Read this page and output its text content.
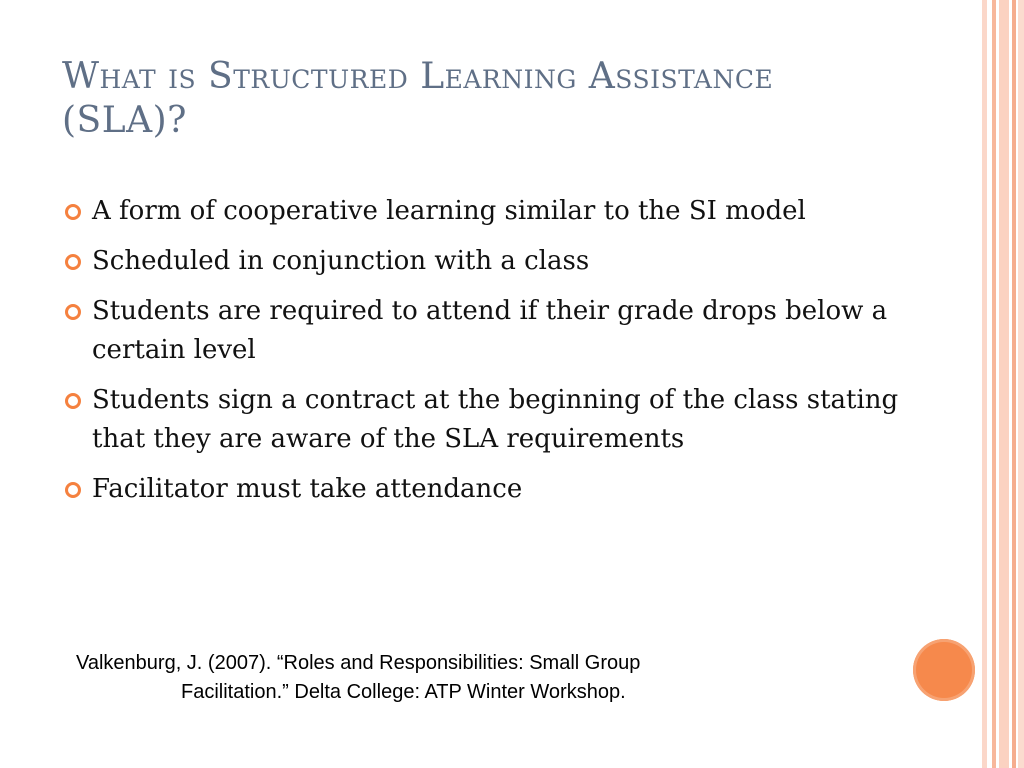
What is Structured Learning Assistance (SLA)?
A form of cooperative learning similar to the SI model
Scheduled in conjunction with a class
Students are required to attend if their grade drops below a certain level
Students sign a contract at the beginning of the class stating that they are aware of the SLA requirements
Facilitator must take attendance
Valkenburg, J. (2007). “Roles and Responsibilities: Small Group
Facilitation.” Delta College: ATP Winter Workshop.
